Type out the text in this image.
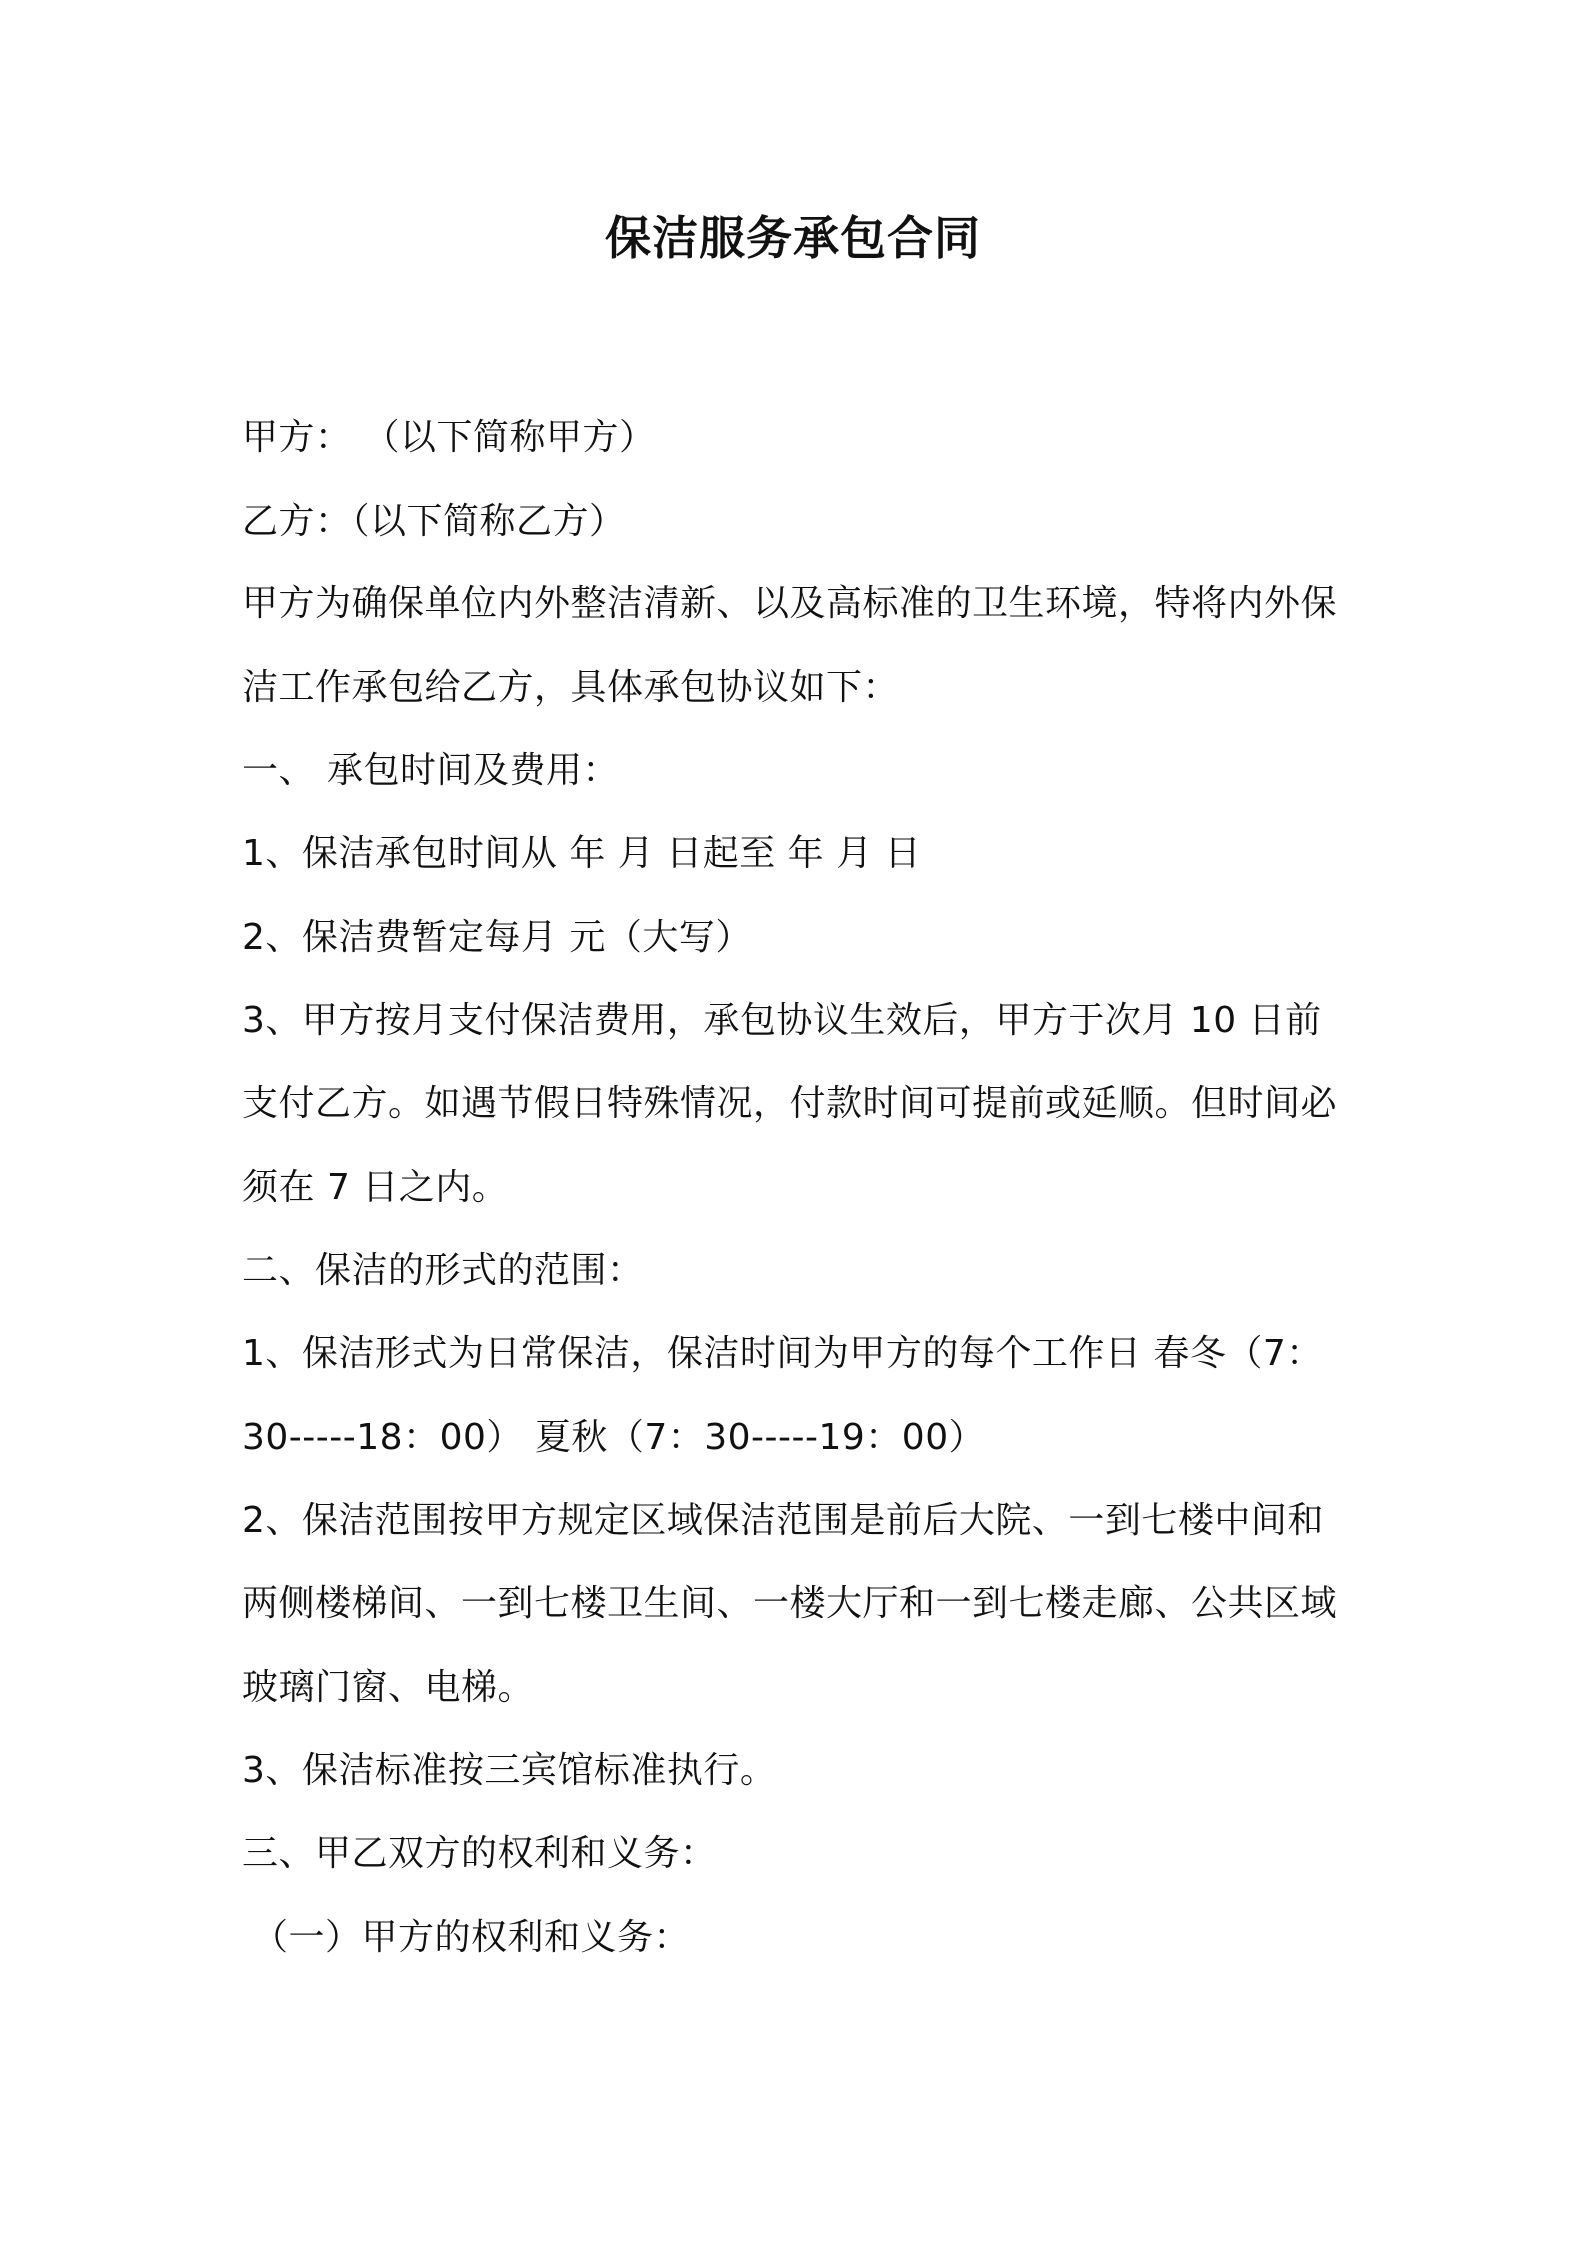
保洁服务承包合同
甲方： （以下简称甲方）
乙方：（以下简称乙方）
甲方为确保单位内外整洁清新、以及高标准的卫生环境，特将内外保
洁工作承包给乙方，具体承包协议如下：
一、 承包时间及费用：
1、保洁承包时间从 年 月 日起至 年 月 日
2、保洁费暂定每月 元（大写）
3、甲方按月支付保洁费用，承包协议生效后，甲方于次月 10 日前
支付乙方。如遇节假日特殊情况，付款时间可提前或延顺。但时间必
须在 7 日之内。
二、保洁的形式的范围：
1、保洁形式为日常保洁，保洁时间为甲方的每个工作日 春冬（7：
30-----18：00） 夏秋（7：30-----19：00）
2、保洁范围按甲方规定区域保洁范围是前后大院、一到七楼中间和
两侧楼梯间、一到七楼卫生间、一楼大厅和一到七楼走廊、公共区域
玻璃门窗、电梯。
3、保洁标准按三宾馆标准执行。
三、甲乙双方的权利和义务：
（一）甲方的权利和义务：
